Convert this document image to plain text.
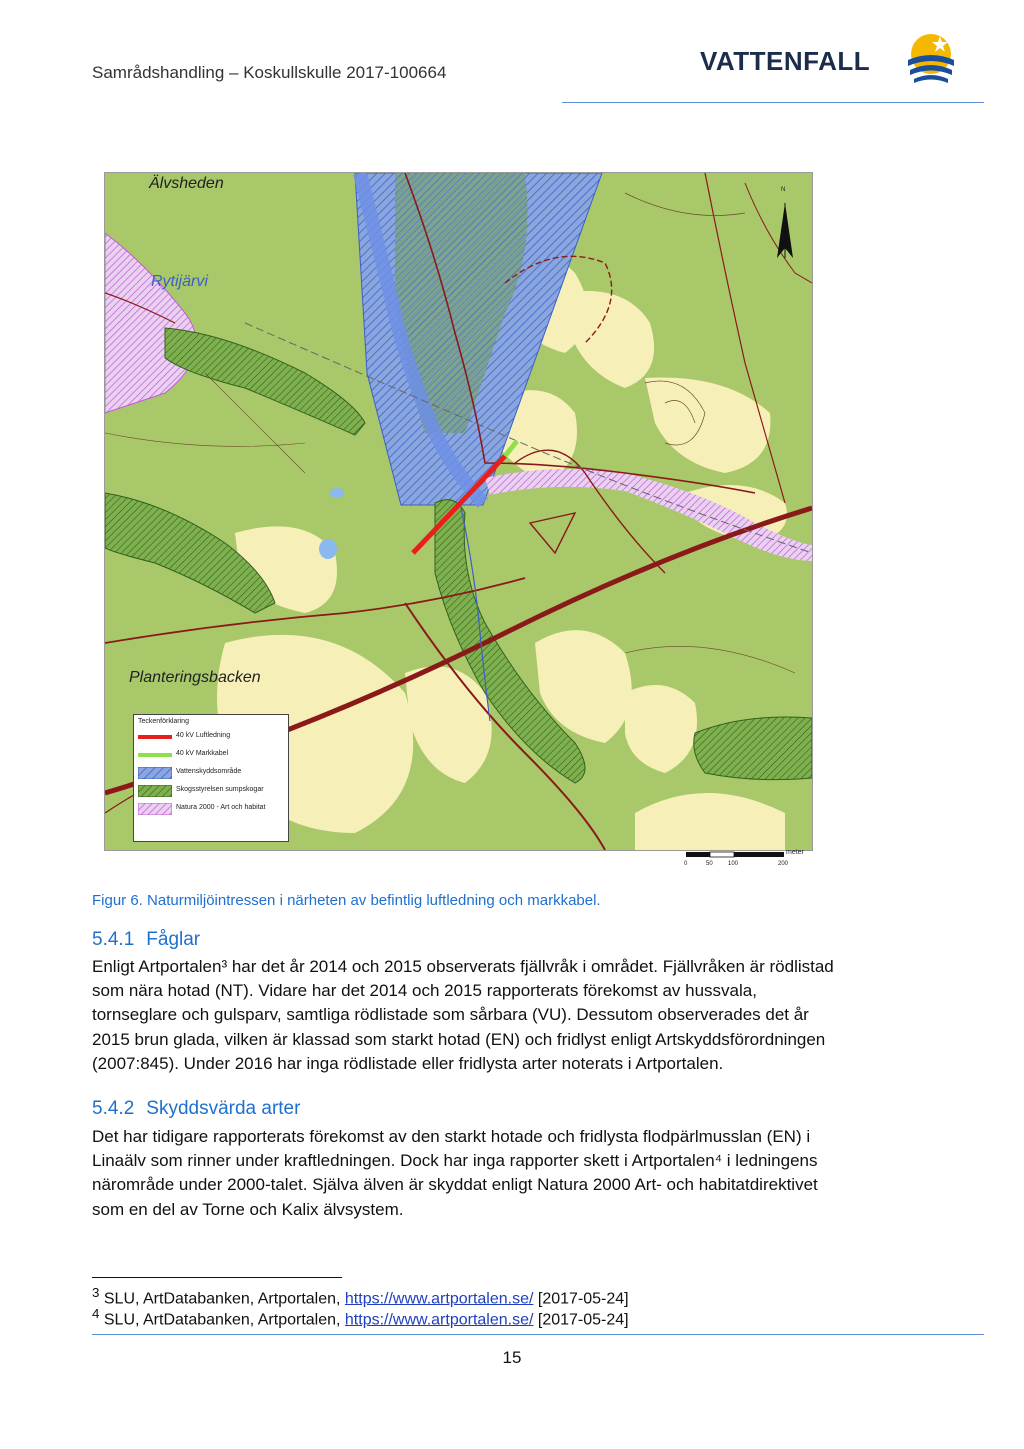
Samrådshandling – Koskullskulle 2017-100664	VATTENFALL
Älvsheden
Rytijärvi
Planteringsbacken
N
Teckenförklaring
40 kV Luftledning
40 kV Markkabel
Vattenskyddsområde
Skogsstyrelsen sumpskogar
Natura 2000 - Art och habitat
meter
0	50	100	200
Figur 6. Naturmiljöintressen i närheten av befintlig luftledning och markkabel.
5.4.1 Fåglar
Enligt Artportalen³ har det år 2014 och 2015 observerats fjällvråk i området. Fjällvråken är rödlistad
som nära hotad (NT). Vidare har det 2014 och 2015 rapporterats förekomst av hussvala,
tornseglare och gulsparv, samtliga rödlistade som sårbara (VU). Dessutom observerades det år
2015 brun glada, vilken är klassad som starkt hotad (EN) och fridlyst enligt Artskyddsförordningen
(2007:845). Under 2016 har inga rödlistade eller fridlysta arter noterats i Artportalen.
5.4.2 Skyddsvärda arter
Det har tidigare rapporterats förekomst av den starkt hotade och fridlysta flodpärlmusslan (EN) i
Linaälv som rinner under kraftledningen. Dock har inga rapporter skett i Artportalen⁴ i ledningens
närområde under 2000-talet. Själva älven är skyddat enligt Natura 2000 Art- och habitatdirektivet
som en del av Torne och Kalix älvsystem.
$^3$ SLU, ArtDatabanken, Artportalen, https://www.artportalen.se/ [2017-05-24]
$^4$ SLU, ArtDatabanken, Artportalen, https://www.artportalen.se/ [2017-05-24]
15
